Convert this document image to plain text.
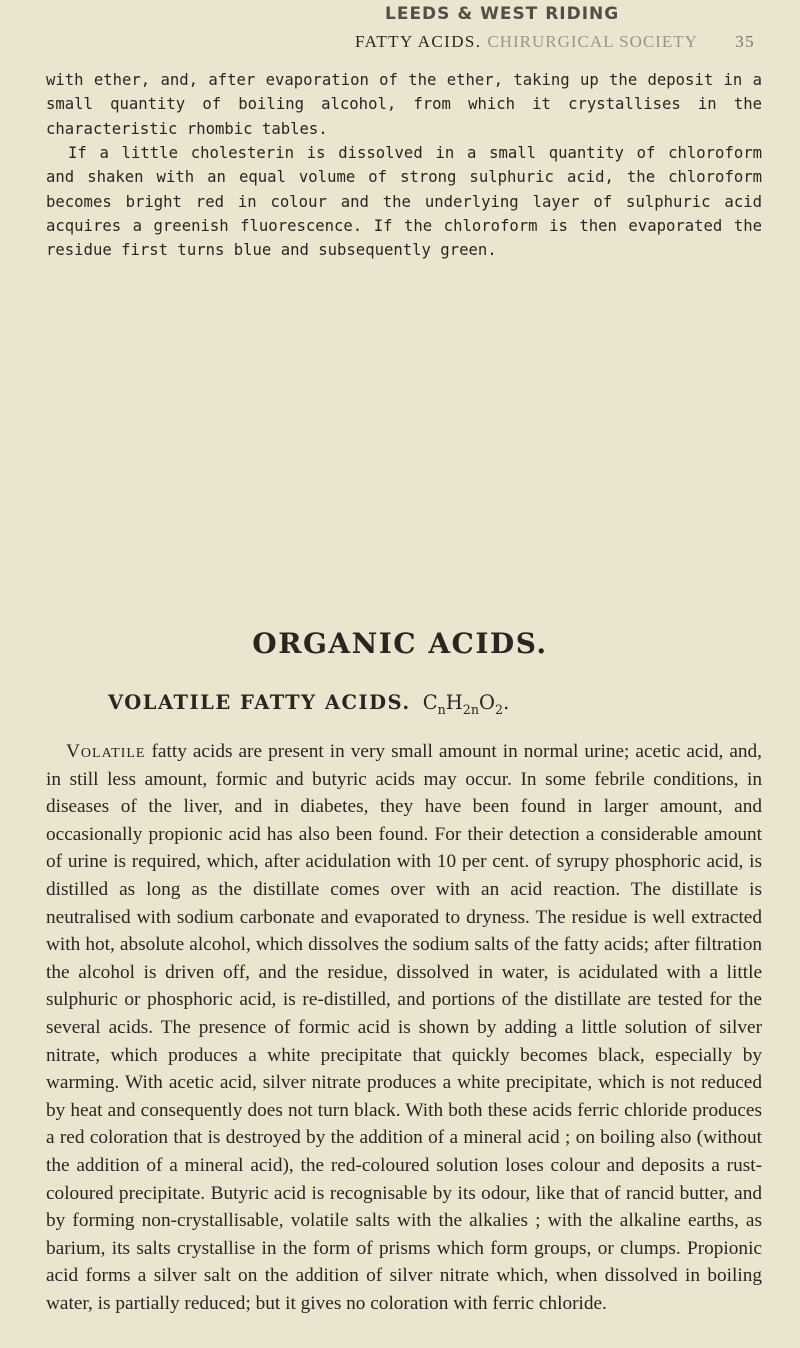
LEEDS & WEST RIDING
FATTY ACIDS. CHIRURGICAL SOCIETY 35

with ether, and, after evaporation of the ether, taking up the deposit in a small quantity of boiling alcohol, from which it crystallises in the characteristic rhombic tables.

If a little cholesterin is dissolved in a small quantity of chloroform and shaken with an equal volume of strong sulphuric acid, the chloroform becomes bright red in colour and the underlying layer of sulphuric acid acquires a greenish fluorescence. If the chloroform is then evaporated the residue first turns blue and subsequently green.

ORGANIC ACIDS.
VOLATILE FATTY ACIDS. $C_nH_{2n}O_2$.

Volatile fatty acids are present in very small amount in normal urine; acetic acid, and, in still less amount, formic and butyric acids may occur. In some febrile conditions, in diseases of the liver, and in diabetes, they have been found in larger amount, and occasionally propionic acid has also been found. For their detection a considerable amount of urine is required, which, after acidulation with 10 per cent. of syrupy phosphoric acid, is distilled as long as the distillate comes over with an acid reaction. The distillate is neutralised with sodium carbonate and evaporated to dryness. The residue is well extracted with hot, absolute alcohol, which dissolves the sodium salts of the fatty acids; after filtration the alcohol is driven off, and the residue, dissolved in water, is acidulated with a little sulphuric or phosphoric acid, is re-distilled, and portions of the distillate are tested for the several acids. The presence of formic acid is shown by adding a little solution of silver nitrate, which produces a white precipitate that quickly becomes black, especially by warming. With acetic acid, silver nitrate produces a white precipitate, which is not reduced by heat and consequently does not turn black. With both these acids ferric chloride produces a red coloration that is destroyed by the addition of a mineral acid ; on boiling also (without the addition of a mineral acid), the red-coloured solution loses colour and deposits a rust-coloured precipitate. Butyric acid is recognisable by its odour, like that of rancid butter, and by forming non-crystallisable, volatile salts with the alkalies ; with the alkaline earths, as barium, its salts crystallise in the form of prisms which form groups, or clumps. Propionic acid forms a silver salt on the addition of silver nitrate which, when dissolved in boiling water, is partially reduced; but it gives no coloration with ferric chloride.
